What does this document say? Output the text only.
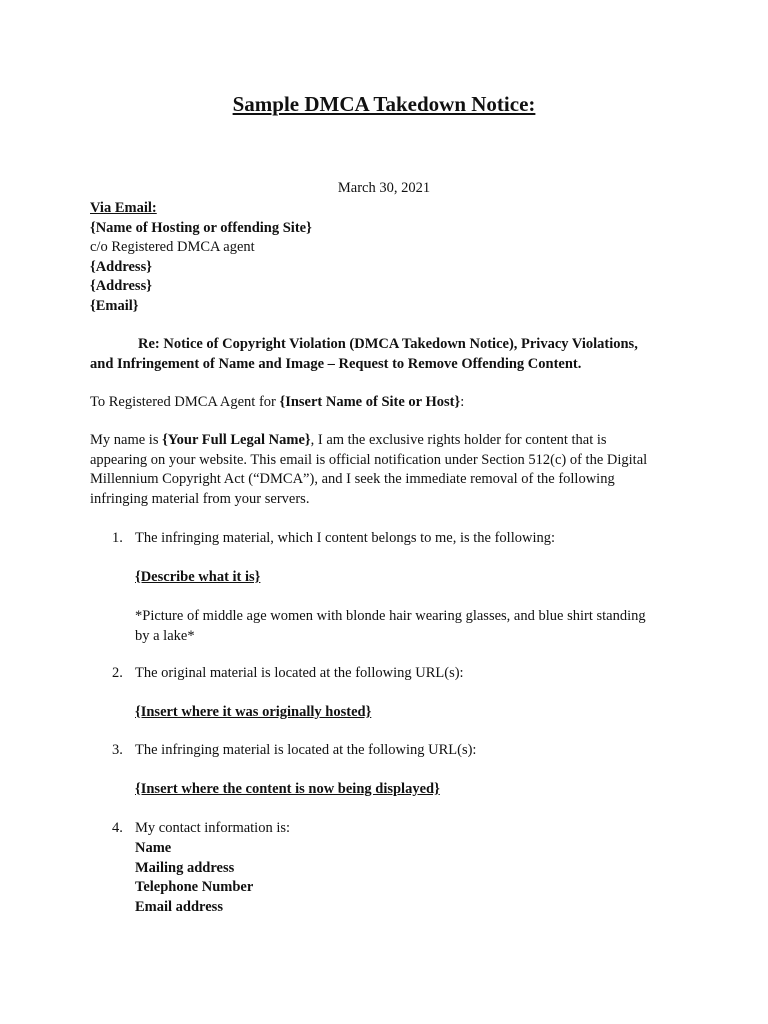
Sample DMCA Takedown Notice:

March 30, 2021

Via Email:
{Name of Hosting or offending Site}
c/o Registered DMCA agent
{Address}
{Address}
{Email}
Re: Notice of Copyright Violation (DMCA Takedown Notice), Privacy Violations,
and Infringement of Name and Image – Request to Remove Offending Content.
To Registered DMCA Agent for {Insert Name of Site or Host}:
My name is {Your Full Legal Name}, I am the exclusive rights holder for content that is
appearing on your website. This email is official notification under Section 512(c) of the Digital
Millennium Copyright Act (“DMCA”), and I seek the immediate removal of the following
infringing material from your servers.
1. The infringing material, which I content belongs to me, is the following:
{Describe what it is}
*Picture of middle age women with blonde hair wearing glasses, and blue shirt standing
by a lake*
2. The original material is located at the following URL(s):
{Insert where it was originally hosted}
3. The infringing material is located at the following URL(s):
{Insert where the content is now being displayed}
4. My contact information is:
Name
Mailing address
Telephone Number
Email address
